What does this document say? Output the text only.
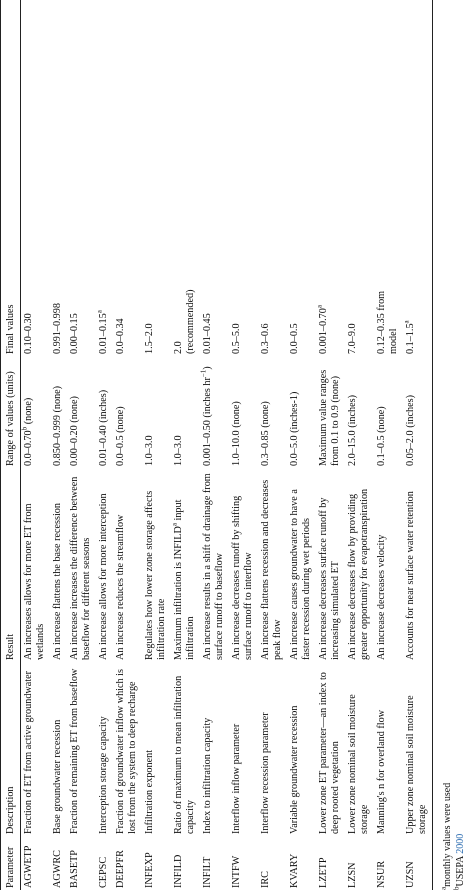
Parameter	Description	Result	Range of values (units)	Final values	
AGWETP	Fraction of ET from active groundwater	An increases allows for more ET from wetlands	0.0–0.70$^b$ (none)	0.10–0.30	
AGWRC	Base groundwater recession	An increase flattens the base recession	0.850–0.999 (none)	0.991–0.998	
BASETP	Fraction of remaining ET from baseflow	An increase increases the difference between baseflow for different seasons	0.00–0.20 (none)	0.00–0.15	
CEPSC	Interception storage capacity	An increase allows for more interception	0.01–0.40 (inches)	0.01–0.15$^a$	
DEEPFR	Fraction of groundwater inflow which is lost from the system to deep recharge	An increase reduces the streamflow	0.0–0.5 (none)	0.0–0.34	
INFEXP	Infiltration exponent	Regulates how lower zone storage affects infiltration rate	1.0–3.0	1.5–2.0	
INFILD	Ratio of maximum to mean infiltration capacity	Maximum infiltration is INFILD$^a$ input infiltration	1.0–3.0	2.0 (recommended)	
INFILT	Index to infiltration capacity	An increase results in a shift of drainage from surface runoff to baseflow	0.001–0.50 (inches $hr^{-1}$)	0.01–0.45	
INTFW	Interflow inflow parameter	An increase decreases runoff by shifting surface runoff to interflow	1.0–10.0 (none)	0.5–5.0	
IRC	Interflow recession parameter	An increase flattens recession and decreases peak flow	0.3–0.85 (none)	0.3–0.6	
KVARY	Variable groundwater recession	An increase causes groundwater to have a faster recession during wet periods	0.0–5.0 (inches-1)	0.0–0.5	
LZETP	Lower zone ET parameter—an index to deep rooted vegetation	An increase decreases surface runoff by increasing simulated ET	Maximum value ranges from 0.1 to 0.9 (none)	0.001–0.70$^a$	
LZSN	Lower zone nominal soil moisture storage	An increase decreases flow by providing greater opportunity for evapotranspiration	2.0–15.0 (inches)	7.0–9.0	
NSUR	Manning's n for overland flow	An increase decreases velocity	0.1–0.5 (none)	0.12–0.35 from model	
UZSN	Upper zone nominal soil moisture storage	Accounts for near surface water retention	0.05–2.0 (inches)	0.1–1.5$^a$	
$^a$monthly values were used
$^b$USEPA 2000
